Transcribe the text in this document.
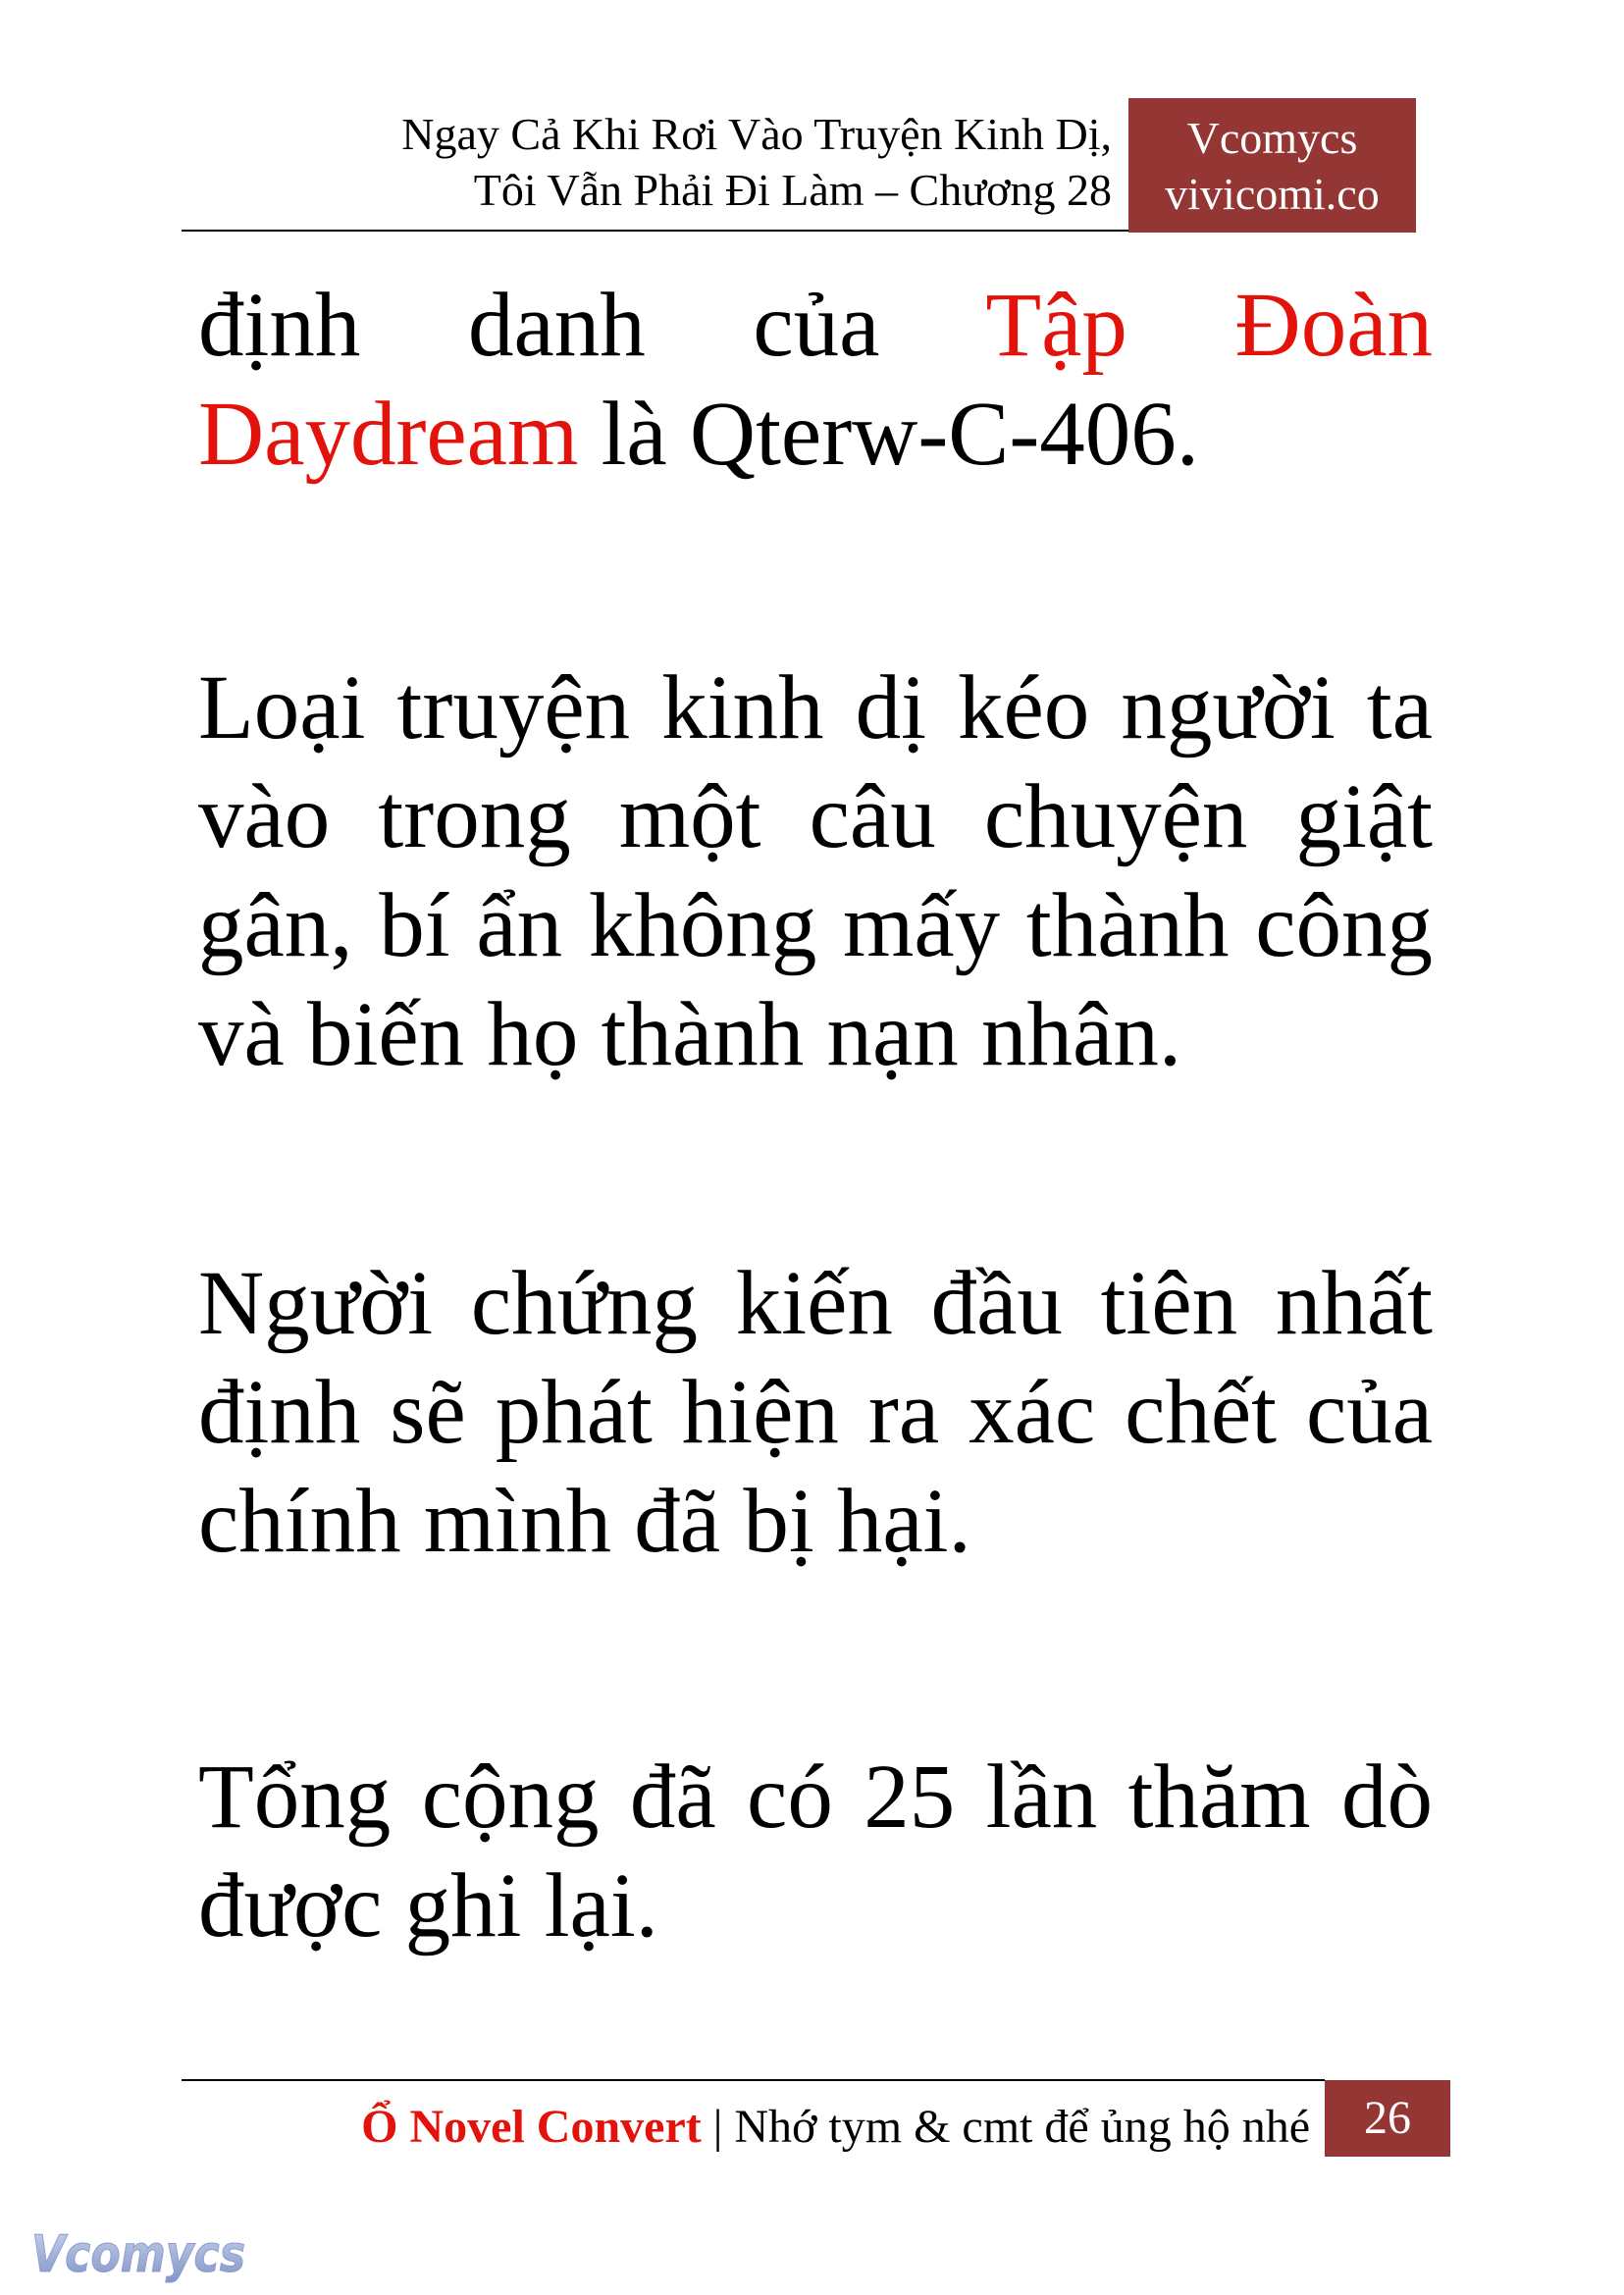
Ngay Cả Khi Rơi Vào Truyện Kinh Dị,
Tôi Vẫn Phải Đi Làm – Chương 28
Vcomycs
vivicomi.co
định danh của Tập Đoàn Daydream là Qterw-C-406.
Loại truyện kinh dị kéo người ta vào trong một câu chuyện giật gân, bí ẩn không mấy thành công và biến họ thành nạn nhân.
Người chứng kiến đầu tiên nhất định sẽ phát hiện ra xác chết của chính mình đã bị hại.
Tổng cộng đã có 25 lần thăm dò được ghi lại.
Ổ Novel Convert | Nhớ tym & cmt để ủng hộ nhé	26
Vcomycs
